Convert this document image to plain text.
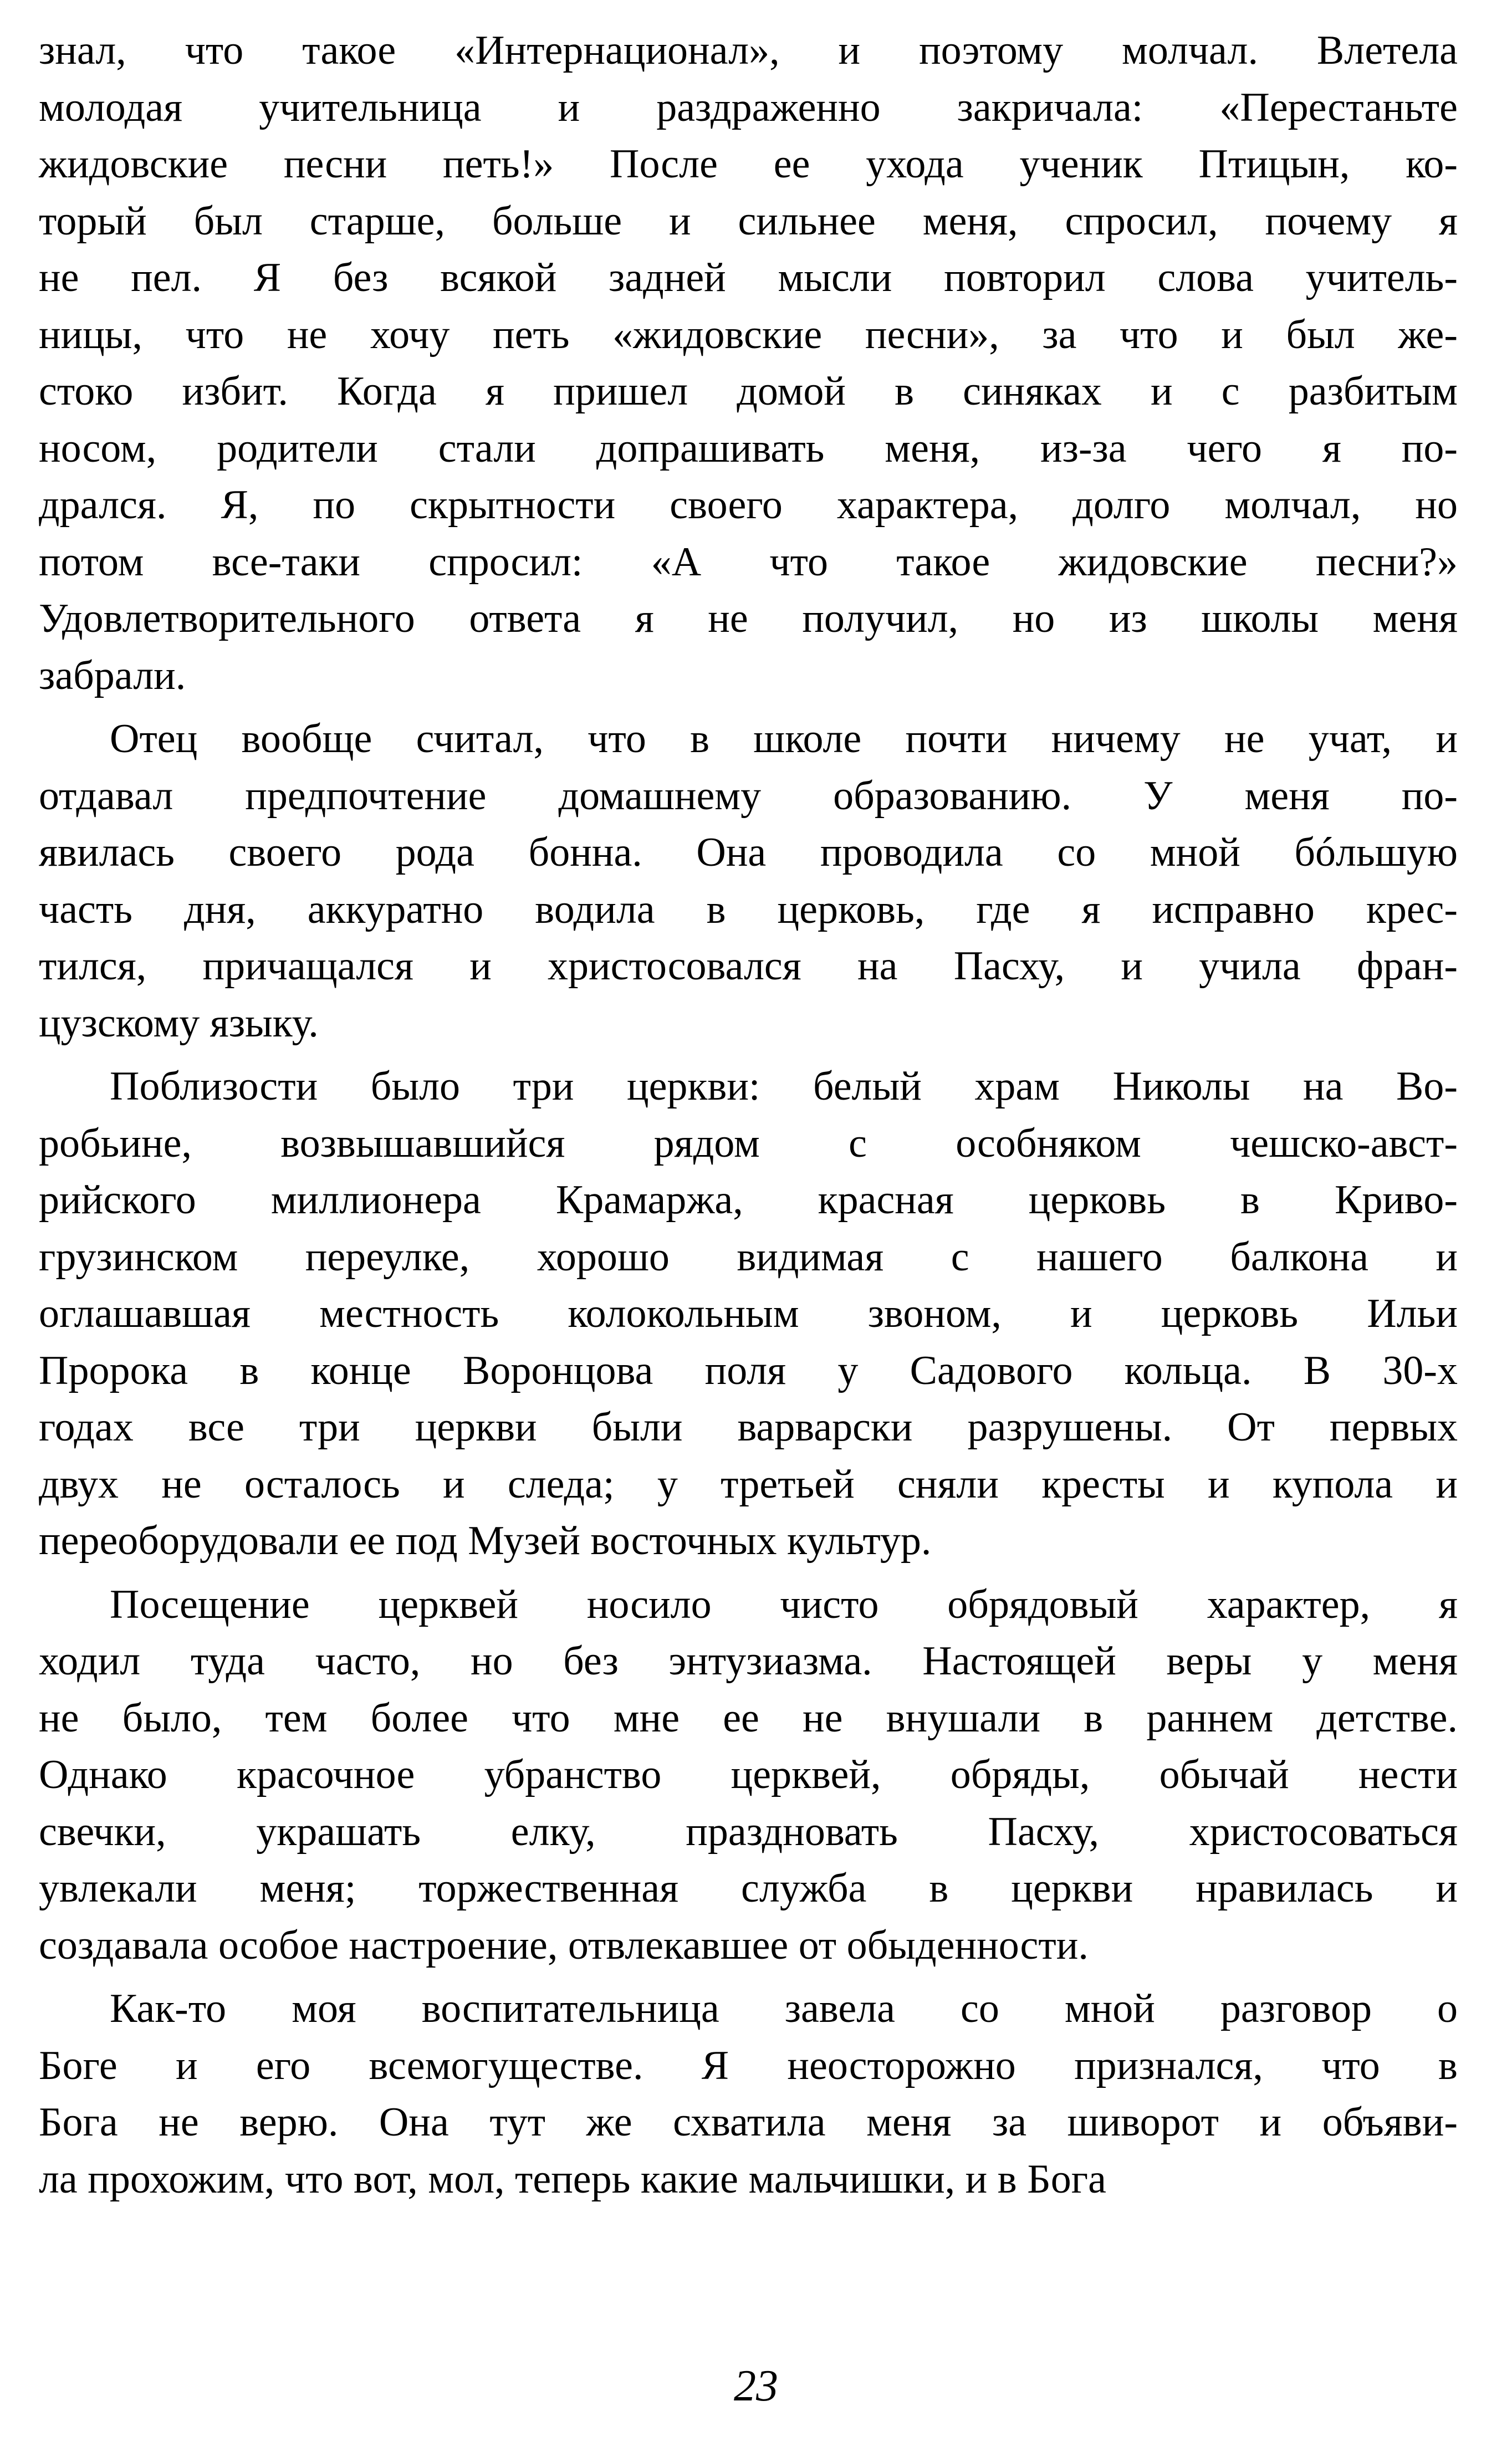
знал, что такое «Интернационал», и поэтому молчал. Влетела
молодая учительница и раздраженно закричала: «Перестаньте
жидовские песни петь!» После ее ухода ученик Птицын, ко-
торый был старше, больше и сильнее меня, спросил, почему я
не пел. Я без всякой задней мысли повторил слова учитель-
ницы, что не хочу петь «жидовские песни», за что и был же-
стоко избит. Когда я пришел домой в синяках и с разбитым
носом, родители стали допрашивать меня, из-за чего я по-
дрался. Я, по скрытности своего характера, долго молчал, но
потом все-таки спросил: «А что такое жидовские песни?»
Удовлетворительного ответа я не получил, но из школы меня
забрали.
Отец вообще считал, что в школе почти ничему не учат, и
отдавал предпочтение домашнему образованию. У меня по-
явилась своего рода бонна. Она проводила со мной бóльшую
часть дня, аккуратно водила в церковь, где я исправно крес-
тился, причащался и христосовался на Пасху, и учила фран-
цузскому языку.
Поблизости было три церкви: белый храм Николы на Во-
робьине, возвышавшийся рядом с особняком чешско-авст-
рийского миллионера Крамаржа, красная церковь в Криво-
грузинском переулке, хорошо видимая с нашего балкона и
оглашавшая местность колокольным звоном, и церковь Ильи
Пророка в конце Воронцова поля у Садового кольца. В 30-х
годах все три церкви были варварски разрушены. От первых
двух не осталось и следа; у третьей сняли кресты и купола и
переоборудовали ее под Музей восточных культур.
Посещение церквей носило чисто обрядовый характер, я
ходил туда часто, но без энтузиазма. Настоящей веры у меня
не было, тем более что мне ее не внушали в раннем детстве.
Однако красочное убранство церквей, обряды, обычай нести
свечки, украшать елку, праздновать Пасху, христосоваться
увлекали меня; торжественная служба в церкви нравилась и
создавала особое настроение, отвлекавшее от обыденности.
Как-то моя воспитательница завела со мной разговор о
Боге и его всемогуществе. Я неосторожно признался, что в
Бога не верю. Она тут же схватила меня за шиворот и объяви-
ла прохожим, что вот, мол, теперь какие мальчишки, и в Бога
23
